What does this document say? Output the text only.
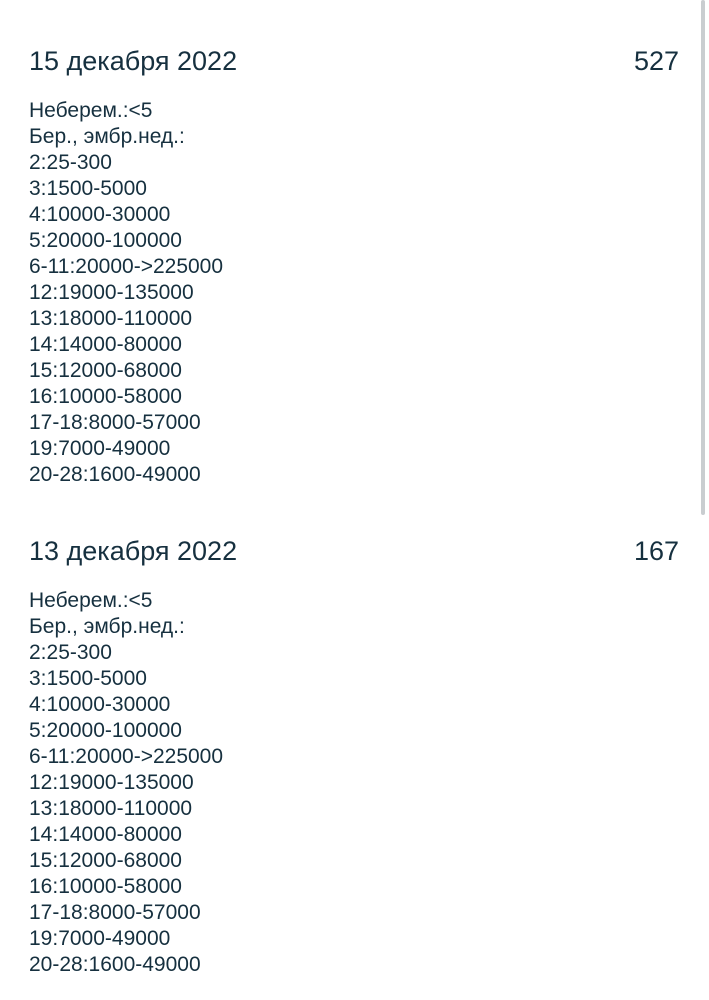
15 декабря 2022	527
Неберем.:<5
Бер., эмбр.нед.:
2:25-300
3:1500-5000
4:10000-30000
5:20000-100000
6-11:20000->225000
12:19000-135000
13:18000-110000
14:14000-80000
15:12000-68000
16:10000-58000
17-18:8000-57000
19:7000-49000
20-28:1600-49000
13 декабря 2022	167
Неберем.:<5
Бер., эмбр.нед.:
2:25-300
3:1500-5000
4:10000-30000
5:20000-100000
6-11:20000->225000
12:19000-135000
13:18000-110000
14:14000-80000
15:12000-68000
16:10000-58000
17-18:8000-57000
19:7000-49000
20-28:1600-49000
